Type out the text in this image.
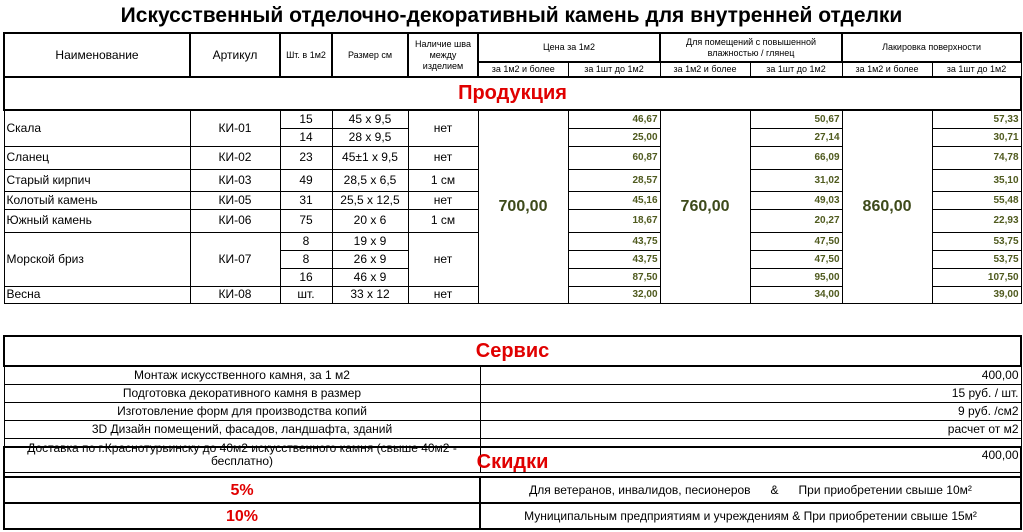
Искусственный отделочно-декоративный камень для внутренней отделки
Наименование	Артикул	Шт. в 1м2	Размер см	Наличие шва между изделием	Цена за 1м2		Для помещений с повышенной влажностью / глянец		Лакировка поверхности	
					за 1м2 и более	за 1шт до 1м2	за 1м2 и более	за 1шт до 1м2	за 1м2 и более	за 1шт до 1м2
Продукция										
Скала	КИ-01	15	45 х 9,5	нет	700,00	46,67	760,00	50,67	860,00	57,33
		14	28 х 9,5			25,00		27,14		30,71
Сланец	КИ-02	23	45±1 х 9,5	нет		60,87		66,09		74,78
Старый кирпич	КИ-03	49	28,5 х 6,5	1 см		28,57		31,02		35,10
Колотый камень	КИ-05	31	25,5 х 12,5	нет		45,16		49,03		55,48
Южный камень	КИ-06	75	20 х 6	1 см		18,67		20,27		22,93
Морской бриз	КИ-07	8	19 х 9	нет		43,75		47,50		53,75
		8	26 х 9			43,75		47,50		53,75
		16	46 х 9			87,50		95,00		107,50
Весна	КИ-08	шт.	33 х 12	нет		32,00		34,00		39,00
Сервис	
Монтаж искусственного камня, за 1 м2	400,00
Подготовка декоративного камня в размер	15 руб. / шт.
Изготовление форм для производства копий	9 руб. /см2
3D Дизайн помещений, фасадов, ландшафта, зданий	расчет от м2
Доставка по г.Краснотурьинску до 40м2 искусственного камня (свыше 40м2 - бесплатно)	400,00
Скидки	
5%	Для ветеранов, инвалидов, песионеров      &      При приобретении свыше 10м²
10%	Муниципальным предприятиям и учреждениям & При приобретении свыше 15м²
